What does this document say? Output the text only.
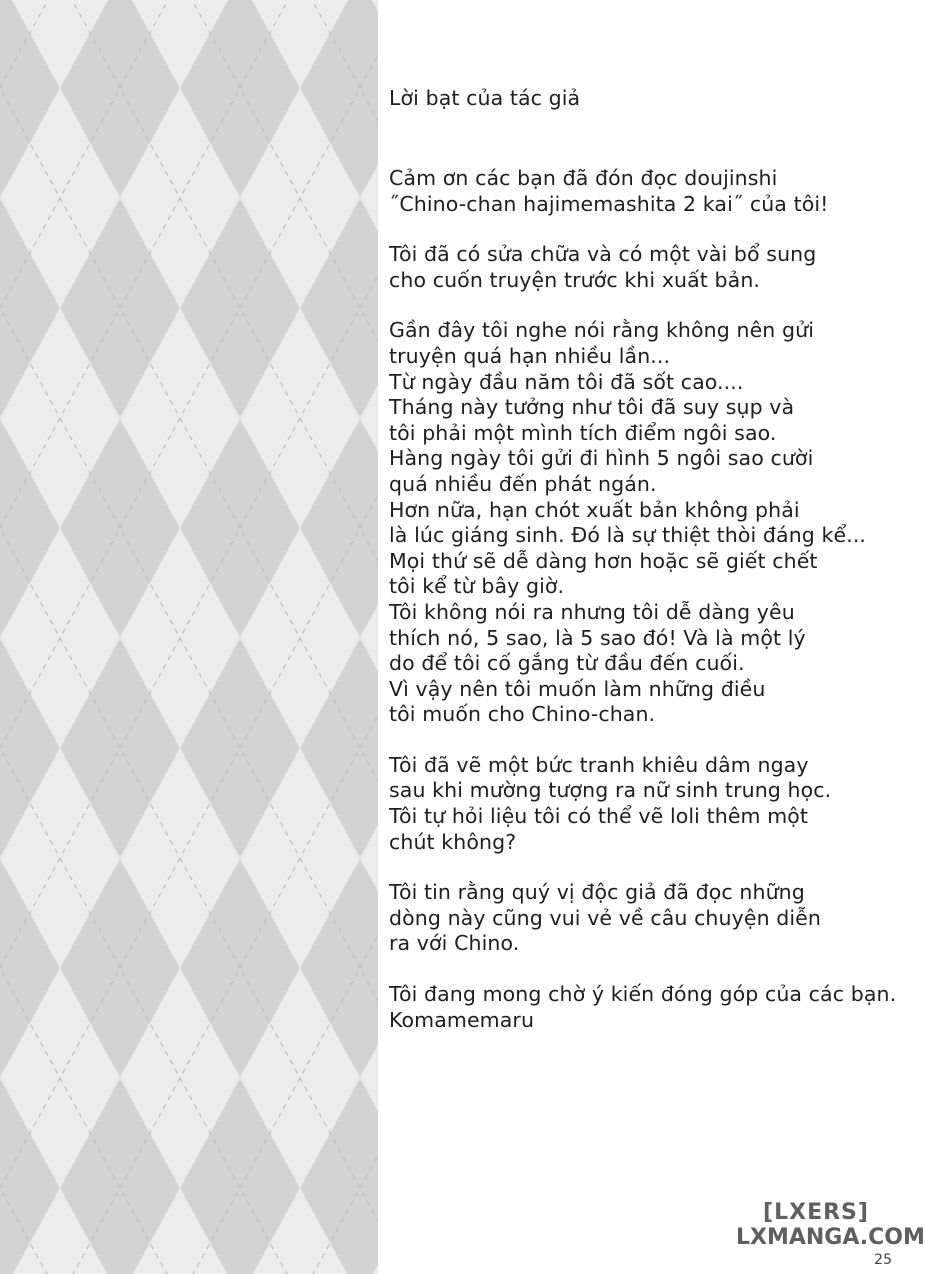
Lời bạt của tác giả

Cảm ơn các bạn đã đón đọc doujinshi
˝Chino-chan hajimemashita 2 kai˝ của tôi!
Tôi đã có sửa chữa và có một vài bổ sung
cho cuốn truyện trước khi xuất bản.
Gần đây tôi nghe nói rằng không nên gửi
truyện quá hạn nhiều lần...
Từ ngày đầu năm tôi đã sốt cao....
Tháng này tưởng như tôi đã suy sụp và
tôi phải một mình tích điểm ngôi sao.
Hàng ngày tôi gửi đi hình 5 ngôi sao cười
quá nhiều đến phát ngán.
Hơn nữa, hạn chót xuất bản không phải
là lúc giáng sinh. Đó là sự thiệt thòi đáng kể...
Mọi thứ sẽ dễ dàng hơn hoặc sẽ giết chết
tôi kể từ bây giờ.
Tôi không nói ra nhưng tôi dễ dàng yêu
thích nó, 5 sao, là 5 sao đó! Và là một lý
do để tôi cố gắng từ đầu đến cuối.
Vì vậy nên tôi muốn làm những điều
tôi muốn cho Chino-chan.
Tôi đã vẽ một bức tranh khiêu dâm ngay
sau khi mường tượng ra nữ sinh trung học.
Tôi tự hỏi liệu tôi có thể vẽ loli thêm một
chút không?
Tôi tin rằng quý vị độc giả đã đọc những
dòng này cũng vui vẻ về câu chuyện diễn
ra với Chino.
Tôi đang mong chờ ý kiến đóng góp của các bạn.
Komamemaru
[LXERS]
LXMANGA.COM
25
